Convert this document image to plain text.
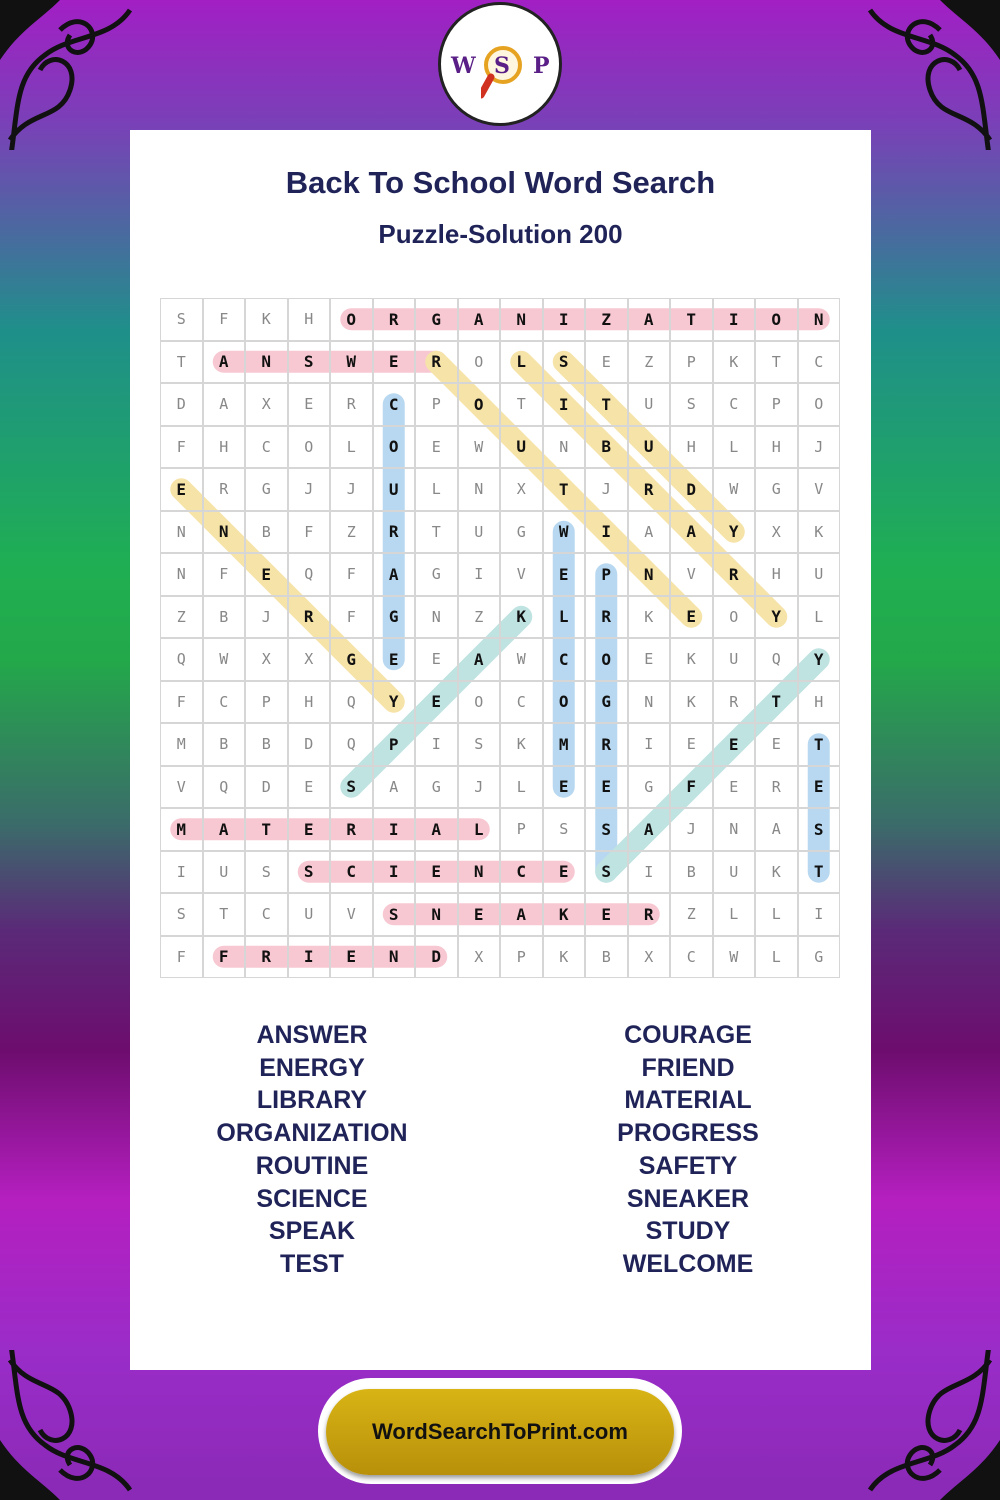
W S P
Back To School Word Search
Puzzle-Solution 200
S	F	K	H	O	R	G	A	N	I	Z	A	T	I	O	N
T	A	N	S	W	E	R	O	L	S	E	Z	P	K	T	C
D	A	X	E	R	C	P	O	T	I	T	U	S	C	P	O
F	H	C	O	L	O	E	W	U	N	B	U	H	L	H	J
E	R	G	J	J	U	L	N	X	T	J	R	D	W	G	V
N	N	B	F	Z	R	T	U	G	W	I	A	A	Y	X	K
N	F	E	Q	F	A	G	I	V	E	P	N	V	R	H	U
Z	B	J	R	F	G	N	Z	K	L	R	K	E	O	Y	L
Q	W	X	X	G	E	E	A	W	C	O	E	K	U	Q	Y
F	C	P	H	Q	Y	E	O	C	O	G	N	K	R	T	H
M	B	B	D	Q	P	I	S	K	M	R	I	E	E	E	T
V	Q	D	E	S	A	G	J	L	E	E	G	F	E	R	E
M	A	T	E	R	I	A	L	P	S	S	A	J	N	A	S
I	U	S	S	C	I	E	N	C	E	S	I	B	U	K	T
S	T	C	U	V	S	N	E	A	K	E	R	Z	L	L	I
F	F	R	I	E	N	D	X	P	K	B	X	C	W	L	G
ANSWER
ENERGY
LIBRARY
ORGANIZATION
ROUTINE
SCIENCE
SPEAK
TEST
COURAGE
FRIEND
MATERIAL
PROGRESS
SAFETY
SNEAKER
STUDY
WELCOME
WordSearchToPrint.com
